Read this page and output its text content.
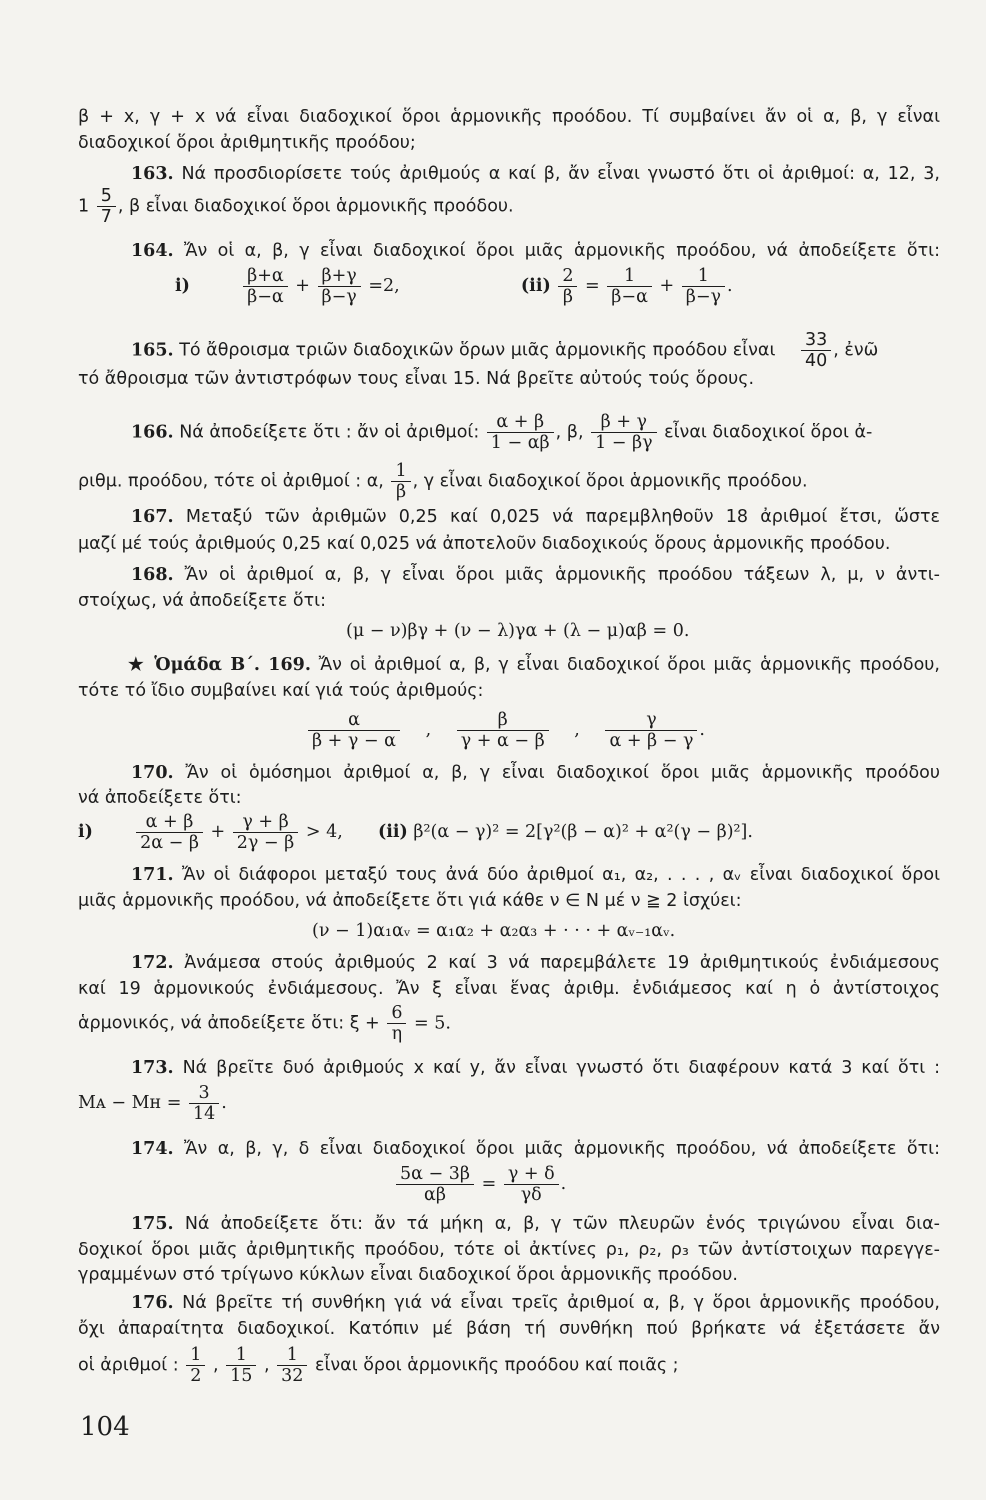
β + x, γ + x νά εἶναι διαδοχικοί ὅροι ἁρμονικῆς προόδου. Τί συμβαίνει ἄν οἱ α, β, γ εἶναι
διαδοχικοί ὅροι ἀριθμητικῆς προόδου;
163. Νά προσδιορίσετε τούς ἀριθμούς α καί β, ἄν εἶναι γνωστό ὅτι οἱ ἀριθμοί: α, 12, 3,
$1 \frac{5}{7}$ , β εἶναι διαδοχικοί ὅροι ἁρμονικῆς προόδου.
164. Ἄν οἱ α, β, γ εἶναι διαδοχικοί ὅροι μιᾶς ἁρμονικῆς προόδου, νά ἀποδείξετε ὅτι:
i)	$\frac{\beta+\alpha}{\beta-\alpha} + \frac{\beta+\gamma}{\beta-\gamma} =2$,	$(ii) \frac{2}{\beta} = \frac{1}{\beta-\alpha} + \frac{1}{\beta-\gamma}$ .
165. Τό ἄθροισμα τριῶν διαδοχικῶν ὅρων μιᾶς ἁρμονικῆς προόδου εἶναι $\frac{33}{40}$ , ἐνῶ
τό ἄθροισμα τῶν ἀντιστρόφων τους εἶναι 15. Νά βρεῖτε αὐτούς τούς ὅρους.
166. Νά ἀποδείξετε ὅτι : ἄν οἱ ἀριθμοί: $\frac{\alpha + \beta}{1 - \alpha\beta}$ , β, $\frac{\beta + \gamma}{1 - \beta\gamma}$ εἶναι διαδοχικοί ὅροι ἀ-
ριθμ. προόδου, τότε οἱ ἀριθμοί : α, $\frac{1}{\beta}$ , γ εἶναι διαδοχικοί ὅροι ἁρμονικῆς προόδου.
167. Μεταξύ τῶν ἀριθμῶν 0,25 καί 0,025 νά παρεμβληθοῦν 18 ἀριθμοί ἔτσι, ὥστε
μαζί μέ τούς ἀριθμούς 0,25 καί 0,025 νά ἀποτελοῦν διαδοχικούς ὅρους ἁρμονικῆς προόδου.
168. Ἄν οἱ ἀριθμοί α, β, γ εἶναι ὅροι μιᾶς ἁρμονικῆς προόδου τάξεων λ, μ, ν ἀντι-
στοίχως, νά ἀποδείξετε ὅτι:
(μ − ν)βγ + (ν − λ)γα + (λ − μ)αβ = 0.
★ Ὁμάδα Β΄. 169. Ἄν οἱ ἀριθμοί α, β, γ εἶναι διαδοχικοί ὅροι μιᾶς ἁρμονικῆς προόδου,
τότε τό ἴδιο συμβαίνει καί γιά τούς ἀριθμούς:
$\frac{\alpha}{\beta + \gamma - \alpha}$ , $\frac{\beta}{\gamma + \alpha - \beta}$ , $\frac{\gamma}{\alpha + \beta - \gamma}$ .
170. Ἄν οἱ ὁμόσημοι ἀριθμοί α, β, γ εἶναι διαδοχικοί ὅροι μιᾶς ἁρμονικῆς προόδου
νά ἀποδείξετε ὅτι:
$i) \frac{\alpha + \beta}{2\alpha - \beta} + \frac{\gamma + \beta}{2\gamma - \beta} > 4$, (ii) β²(α − γ)² = 2[γ²(β − α)² + α²(γ − β)²].
171. Ἄν οἱ διάφοροι μεταξύ τους ἀνά δύο ἀριθμοί α₁, α₂, . . . , αᵥ εἶναι διαδοχικοί ὅροι
μιᾶς ἁρμονικῆς προόδου, νά ἀποδείξετε ὅτι γιά κάθε ν ∈ N μέ ν ≧ 2 ἰσχύει:
(ν − 1)α₁αᵥ = α₁α₂ + α₂α₃ + · · · + αᵥ₋₁αᵥ.
172. Ἀνάμεσα στούς ἀριθμούς 2 καί 3 νά παρεμβάλετε 19 ἀριθμητικούς ἐνδιάμεσους
καί 19 ἁρμονικούς ἐνδιάμεσους. Ἄν ξ εἶναι ἕνας ἀριθμ. ἐνδιάμεσος καί η ὁ ἀντίστοιχος
ἁρμονικός, νά ἀποδείξετε ὅτι: $\xi + \frac{6}{\eta} = 5$.
173. Νά βρεῖτε δυό ἀριθμούς x καί y, ἄν εἶναι γνωστό ὅτι διαφέρουν κατά 3 καί ὅτι :
Mᴀ − Mʜ = $\frac{3}{14}$ .
174. Ἄν α, β, γ, δ εἶναι διαδοχικοί ὅροι μιᾶς ἁρμονικῆς προόδου, νά ἀποδείξετε ὅτι:
$\frac{5\alpha - 3\beta}{\alpha\beta} = \frac{\gamma + \delta}{\gamma\delta}$ .
175. Νά ἀποδείξετε ὅτι: ἄν τά μήκη α, β, γ τῶν πλευρῶν ἑνός τριγώνου εἶναι δια-
δοχικοί ὅροι μιᾶς ἀριθμητικῆς προόδου, τότε οἱ ἀκτίνες ρ₁, ρ₂, ρ₃ τῶν ἀντίστοιχων παρεγγε-
γραμμένων στό τρίγωνο κύκλων εἶναι διαδοχικοί ὅροι ἁρμονικῆς προόδου.
176. Νά βρεῖτε τή συνθήκη γιά νά εἶναι τρεῖς ἀριθμοί α, β, γ ὅροι ἁρμονικῆς προόδου,
ὄχι ἀπαραίτητα διαδοχικοί. Κατόπιν μέ βάση τή συνθήκη πού βρήκατε νά ἐξετάσετε ἄν
οἱ ἀριθμοί : $\frac{1}{2}$ , $\frac{1}{15}$ , $\frac{1}{32}$ εἶναι ὅροι ἁρμονικῆς προόδου καί ποιᾶς ;
104
